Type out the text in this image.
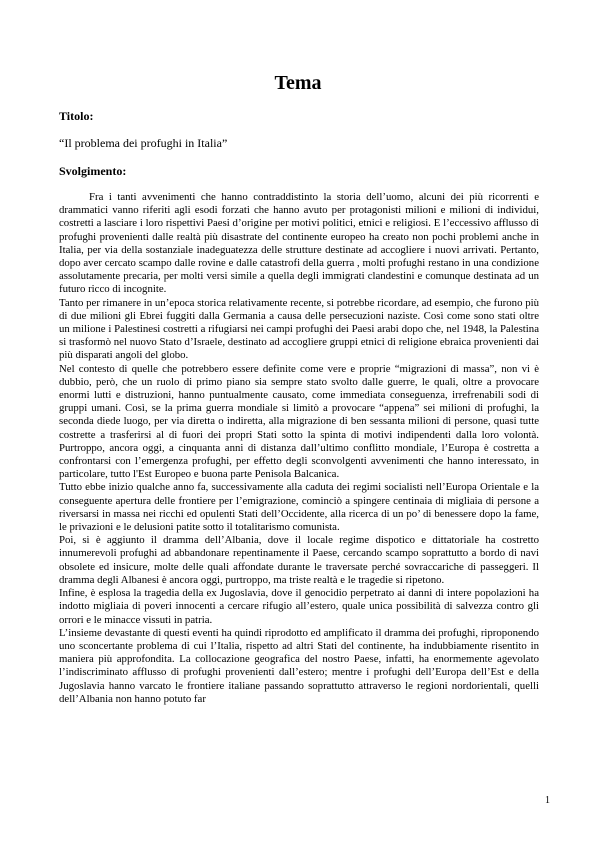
Tema
Titolo:
“Il problema dei profughi in Italia”
Svolgimento:

Fra i tanti avvenimenti che hanno contraddistinto la storia dell’uomo, alcuni dei più ricorrenti e drammatici vanno riferiti agli esodi forzati che hanno avuto per protagonisti milioni e milioni di individui, costretti a lasciare i loro rispettivi Paesi d’origine per motivi politici, etnici e religiosi. E l’eccessivo afflusso di profughi provenienti dalle realtà più disastrate del continente europeo ha creato non pochi problemi anche in Italia, per via della sostanziale inadeguatezza delle strutture destinate ad accogliere i nuovi arrivati. Pertanto, dopo aver cercato scampo dalle rovine e dalle catastrofi della guerra , molti profughi restano in una condizione assolutamente precaria, per molti versi simile a quella degli immigrati clandestini e comunque destinata ad un futuro ricco di incognite.

Tanto per rimanere in un’epoca storica relativamente recente, si potrebbe ricordare, ad esempio, che furono più di due milioni gli Ebrei fuggiti dalla Germania a causa delle persecuzioni naziste. Così come sono stati oltre un milione i Palestinesi costretti a rifugiarsi nei campi profughi dei Paesi arabi dopo che, nel 1948, la Palestina si trasformò nel nuovo Stato d’Israele, destinato ad accogliere gruppi etnici di religione ebraica provenienti dai più disparati angoli del globo.

Nel contesto di quelle che potrebbero essere definite come vere e proprie “migrazioni di massa”, non vi è dubbio, però, che un ruolo di primo piano sia sempre stato svolto dalle guerre, le quali, oltre a provocare enormi lutti e distruzioni, hanno puntualmente causato, come immediata conseguenza, irrefrenabili sodi di gruppi umani. Così, se la prima guerra mondiale si limitò a provocare “appena” sei milioni di profughi, la seconda diede luogo, per via diretta o indiretta, alla migrazione di ben sessanta milioni di persone, quasi tutte costrette a trasferirsi al di fuori dei propri Stati sotto la spinta di motivi indipendenti dalla loro volontà. Purtroppo, ancora oggi, a cinquanta anni di distanza dall’ultimo conflitto mondiale, l’Europa è costretta a confrontarsi con l’emergenza profughi, per effetto degli sconvolgenti avvenimenti che hanno interessato, in particolare, tutto l'Est Europeo e buona parte Penisola Balcanica.

Tutto ebbe inizio qualche anno fa, successivamente alla caduta dei regimi socialisti nell’Europa Orientale e la conseguente apertura delle frontiere per l’emigrazione, cominciò a spingere centinaia di migliaia di persone a riversarsi in massa nei ricchi ed opulenti Stati dell’Occidente, alla ricerca di un po’ di benessere dopo la fame, le privazioni e le delusioni patite sotto il totalitarismo comunista.

Poi, si è aggiunto il dramma dell’Albania, dove il locale regime dispotico e dittatoriale ha costretto innumerevoli profughi ad abbandonare repentinamente il Paese, cercando scampo soprattutto a bordo di navi obsolete ed insicure, molte delle quali affondate durante le traversate perché sovraccariche di passeggeri. Il dramma degli Albanesi è ancora oggi, purtroppo, ma triste realtà e le tragedie si ripetono.

Infine, è esplosa la tragedia della ex Jugoslavia, dove il genocidio perpetrato ai danni di intere popolazioni ha indotto migliaia di poveri innocenti a cercare rifugio all’estero, quale unica possibilità di salvezza contro gli orrori e le minacce vissuti in patria.

L’insieme devastante di questi eventi ha quindi riprodotto ed amplificato il dramma dei profughi, riproponendo uno sconcertante problema di cui l’Italia, rispetto ad altri Stati del continente, ha indubbiamente risentito in maniera più approfondita. La collocazione geografica del nostro Paese, infatti, ha enormemente agevolato l’indiscriminato afflusso di profughi provenienti dall’estero; mentre i profughi dell’Europa dell’Est e della Jugoslavia hanno varcato le frontiere italiane passando soprattutto attraverso le regioni nordorientali, quelli dell’Albania non hanno potuto far

1
